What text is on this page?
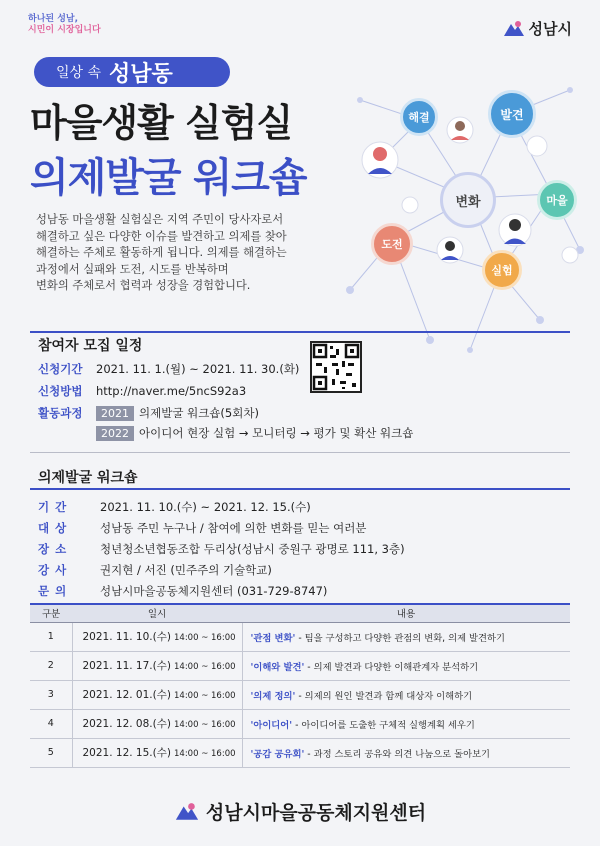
하나된 성남,
시민이 시장입니다	성남시
일상 속 성남동
마을생활 실험실
의제발굴 워크숍
성남동 마을생활 실험실은 지역 주민이 당사자로서
해결하고 싶은 다양한 이슈를 발견하고 의제를 찾아
해결하는 주체로 활동하게 됩니다. 의제를 해결하는
과정에서 실패와 도전, 시도를 반복하며
변화의 주체로서 협력과 성장을 경험합니다.
해결	발견
변화	마을
도전
실험
참여자 모집 일정
신청기간	2021. 11. 1.(월) ~ 2021. 11. 30.(화)
신청방법	http://naver.me/5ncS92a3
활동과정	2021 의제발굴 워크숍(5회차)
2022 아이디어 현장 실험 → 모니터링 → 평가 및 확산 워크숍
의제발굴 워크숍
기 간	2021. 11. 10.(수) ~ 2021. 12. 15.(수)
대 상	성남동 주민 누구나 / 참여에 의한 변화를 믿는 여러분
장 소	청년청소년협동조합 두리상(성남시 중원구 광명로 111, 3층)
강 사	권지현 / 서진 (민주주의 기술학교)
문 의	성남시마을공동체지원센터 (031-729-8747)
구분	일시	내용
1	2021. 11. 10.(수) 14:00 ~ 16:00	'관점 변화' - 팀을 구성하고 다양한 관점의 변화, 의제 발견하기
2	2021. 11. 17.(수) 14:00 ~ 16:00	'이해와 발견' - 의제 발견과 다양한 이해관계자 분석하기
3	2021. 12. 01.(수) 14:00 ~ 16:00	'의제 정의' - 의제의 원인 발견과 함께 대상자 이해하기
4	2021. 12. 08.(수) 14:00 ~ 16:00	'아이디어' - 아이디어를 도출한 구체적 실행계획 세우기
5	2021. 12. 15.(수) 14:00 ~ 16:00	'공감 공유회' - 과정 스토리 공유와 의견 나눔으로 돌아보기
성남시마을공동체지원센터
